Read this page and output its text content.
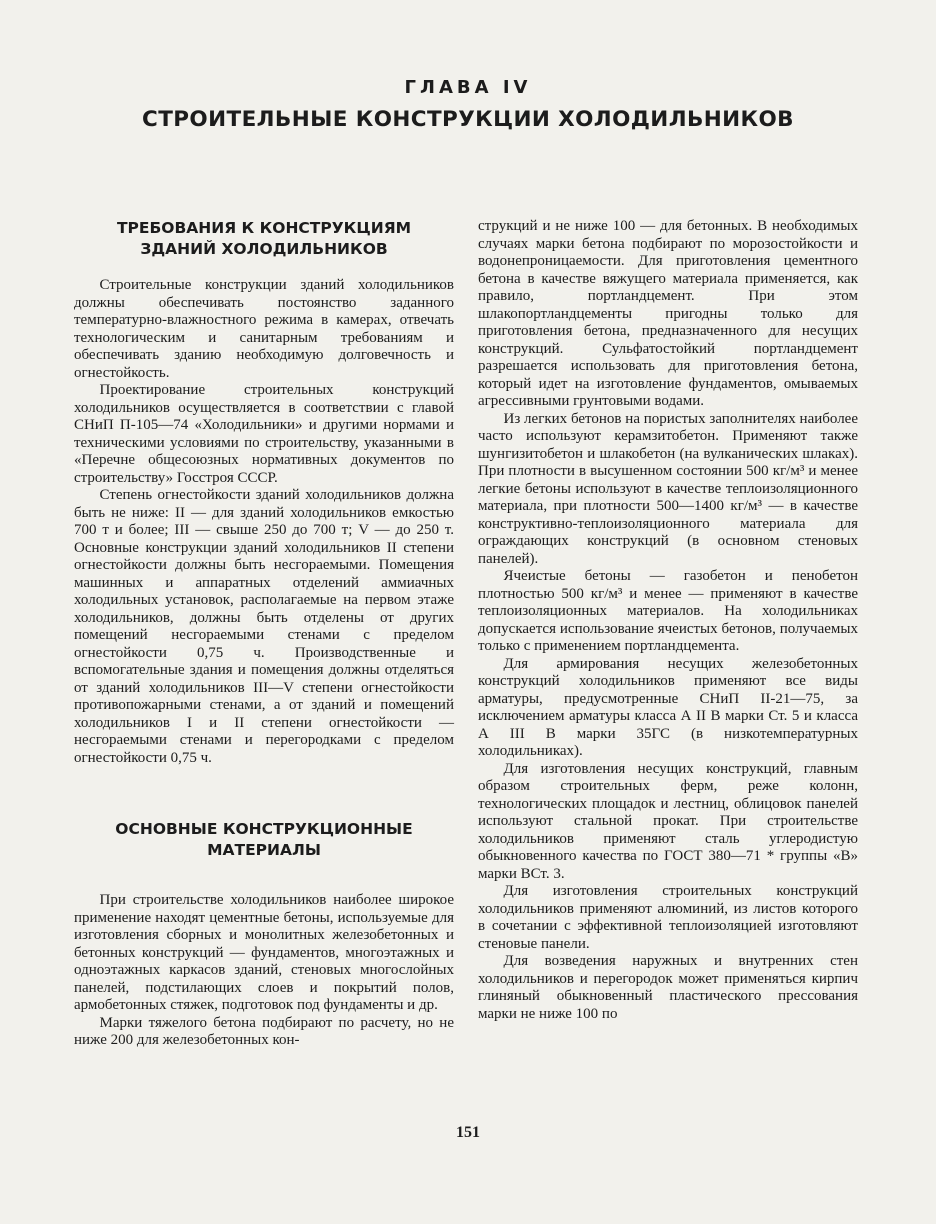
ГЛАВА IV
СТРОИТЕЛЬНЫЕ КОНСТРУКЦИИ ХОЛОДИЛЬНИКОВ
ТРЕБОВАНИЯ К КОНСТРУКЦИЯМ
ЗДАНИЙ ХОЛОДИЛЬНИКОВ

Строительные конструкции зданий холодильников должны обеспечивать постоянство заданного температурно-влажностного режима в камерах, отвечать технологическим и санитарным требованиям и обеспечивать зданию необходимую долговечность и огнестойкость.

Проектирование строительных конструкций холодильников осуществляется в соответствии с главой СНиП П-105—74 «Холодильники» и другими нормами и техническими условиями по строительству, указанными в «Перечне общесоюзных нормативных документов по строительству» Госстроя СССР.

Степень огнестойкости зданий холодильников должна быть не ниже: II — для зданий холодильников емкостью 700 т и более; III — свыше 250 до 700 т; V — до 250 т. Основные конструкции зданий холодильников II степени огнестойкости должны быть несгораемыми. Помещения машинных и аппаратных отделений аммиачных холодильных установок, располагаемые на первом этаже холодильников, должны быть отделены от других помещений несгораемыми стенами с пределом огнестойкости 0,75 ч. Производственные и вспомогательные здания и помещения должны отделяться от зданий холодильников III—V степени огнестойкости противопожарными стенами, а от зданий и помещений холодильников I и II степени огнестойкости — несгораемыми стенами и перегородками с пределом огнестойкости 0,75 ч.

ОСНОВНЫЕ КОНСТРУКЦИОННЫЕ
МАТЕРИАЛЫ

При строительстве холодильников наиболее широкое применение находят цементные бетоны, используемые для изготовления сборных и монолитных железобетонных и бетонных конструкций — фундаментов, многоэтажных и одноэтажных каркасов зданий, стеновых многослойных панелей, подстилающих слоев и покрытий полов, армобетонных стяжек, подготовок под фундаменты и др.

Марки тяжелого бетона подбирают по расчету, но не ниже 200 для железобетонных кон-

струкций и не ниже 100 — для бетонных. В необходимых случаях марки бетона подбирают по морозостойкости и водонепроницаемости. Для приготовления цементного бетона в качестве вяжущего материала применяется, как правило, портландцемент. При этом шлакопортландцементы пригодны только для приготовления бетона, предназначенного для несущих конструкций. Сульфатостойкий портландцемент разрешается использовать для приготовления бетона, который идет на изготовление фундаментов, омываемых агрессивными грунтовыми водами.

Из легких бетонов на пористых заполнителях наиболее часто используют керамзитобетон. Применяют также шунгизитобетон и шлакобетон (на вулканических шлаках). При плотности в высушенном состоянии 500 кг/м³ и менее легкие бетоны используют в качестве теплоизоляционного материала, при плотности 500—1400 кг/м³ — в качестве конструктивно-теплоизоляционного материала для ограждающих конструкций (в основном стеновых панелей).

Ячеистые бетоны — газобетон и пенобетон плотностью 500 кг/м³ и менее — применяют в качестве теплоизоляционных материалов. На холодильниках допускается использование ячеистых бетонов, получаемых только с применением портландцемента.

Для армирования несущих железобетонных конструкций холодильников применяют все виды арматуры, предусмотренные СНиП II-21—75, за исключением арматуры класса А II В марки Ст. 5 и класса А III В марки 35ГС (в низкотемпературных холодильниках).

Для изготовления несущих конструкций, главным образом строительных ферм, реже колонн, технологических площадок и лестниц, облицовок панелей используют стальной прокат. При строительстве холодильников применяют сталь углеродистую обыкновенного качества по ГОСТ 380—71 * группы «В» марки ВСт. 3.

Для изготовления строительных конструкций холодильников применяют алюминий, из листов которого в сочетании с эффективной теплоизоляцией изготовляют стеновые панели.

Для возведения наружных и внутренних стен холодильников и перегородок может применяться кирпич глиняный обыкновенный пластического прессования марки не ниже 100 по

151
